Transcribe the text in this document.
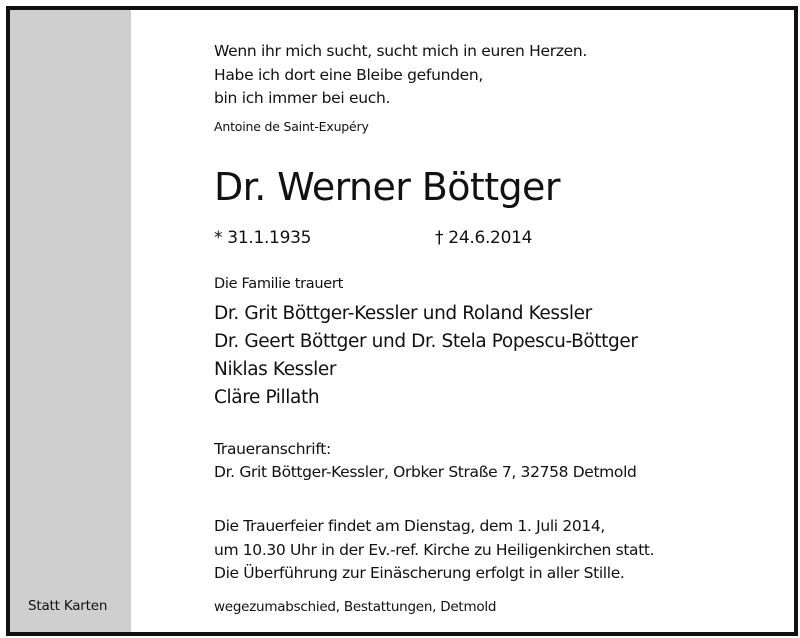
Statt Karten
Wenn ihr mich sucht, sucht mich in euren Herzen.
Habe ich dort eine Bleibe gefunden,
bin ich immer bei euch.
Antoine de Saint-Exupéry
Dr. Werner Böttger
* 31.1.1935	† 24.6.2014
Die Familie trauert
Dr. Grit Böttger-Kessler und Roland Kessler
Dr. Geert Böttger und Dr. Stela Popescu-Böttger
Niklas Kessler
Cläre Pillath
Traueranschrift:
Dr. Grit Böttger-Kessler, Orbker Straße 7, 32758 Detmold
Die Trauerfeier findet am Dienstag, dem 1. Juli 2014,
um 10.30 Uhr in der Ev.-ref. Kirche zu Heiligenkirchen statt.
Die Überführung zur Einäscherung erfolgt in aller Stille.
wegezumabschied, Bestattungen, Detmold
